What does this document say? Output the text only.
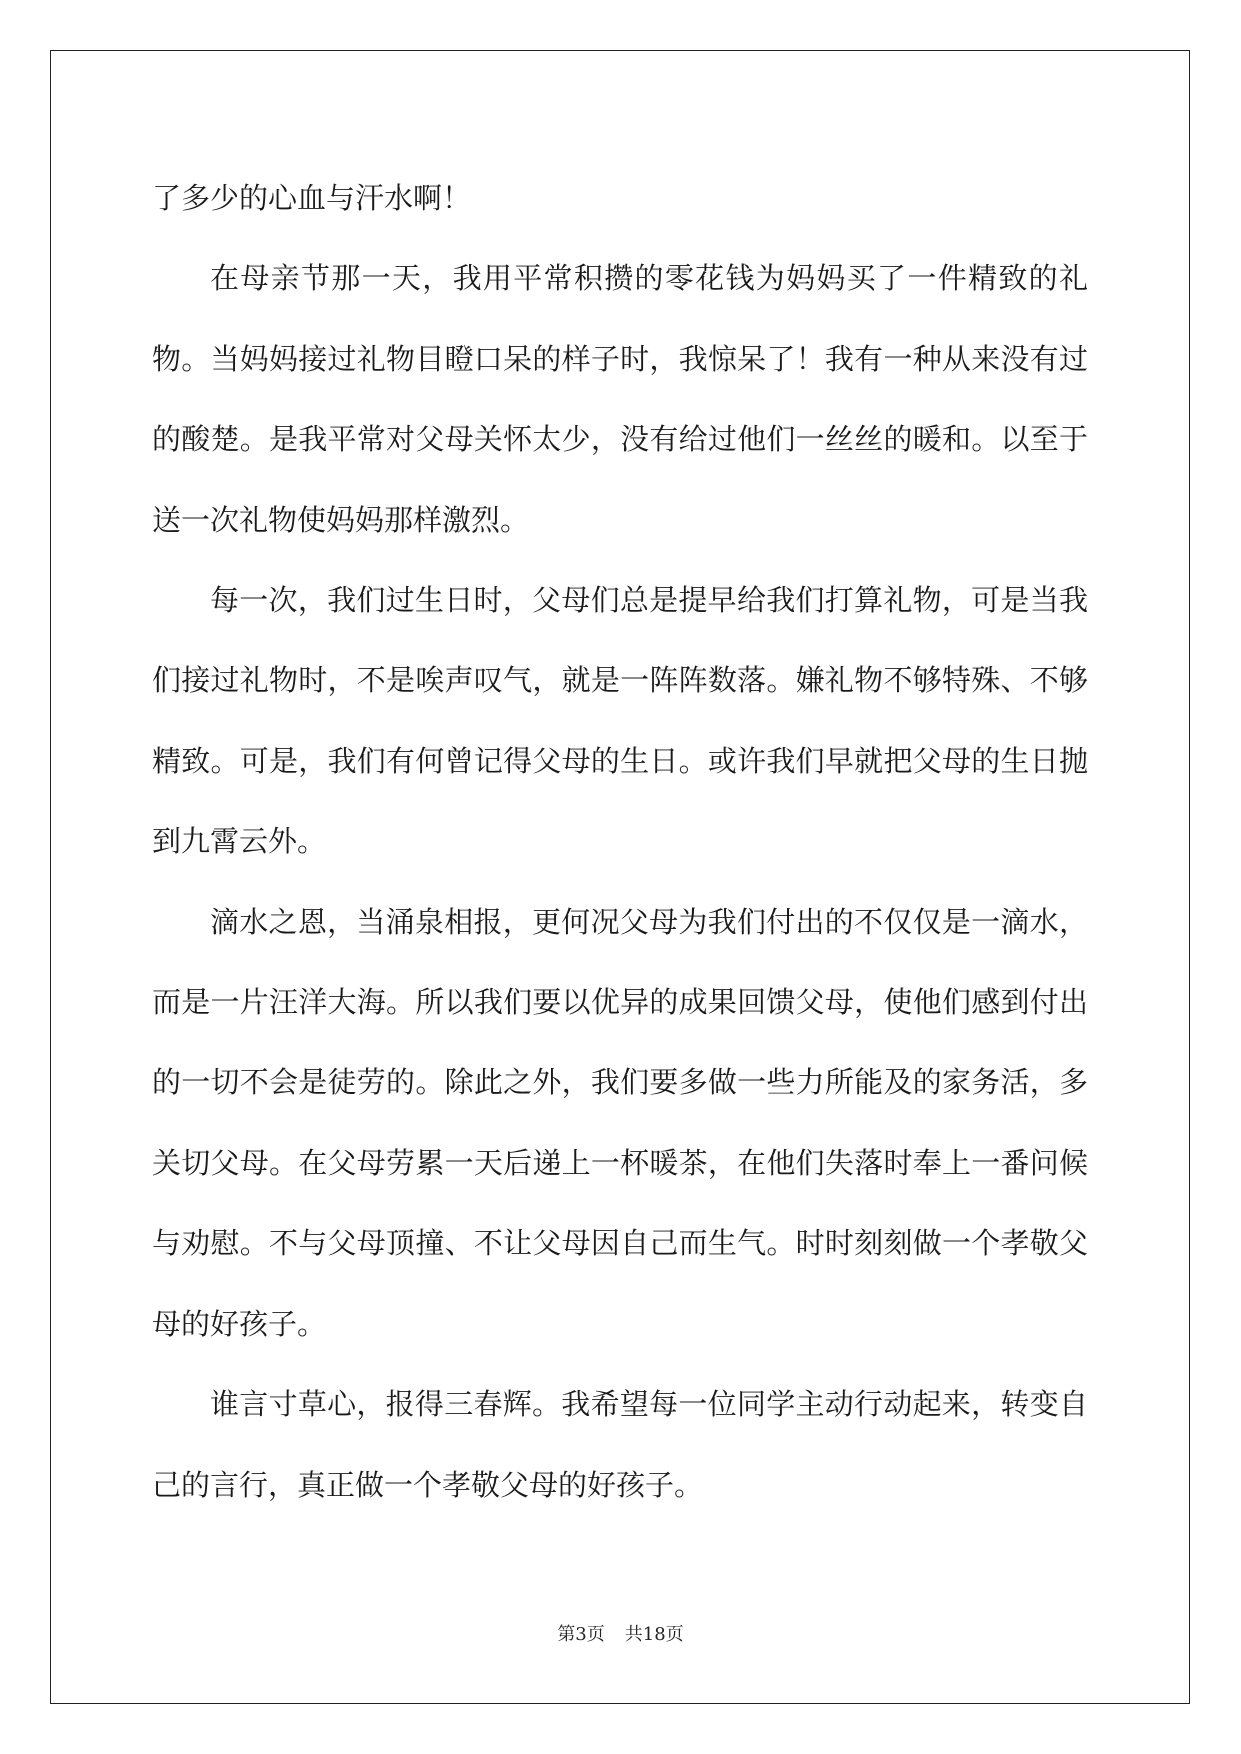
了多少的心血与汗水啊！

在母亲节那一天，我用平常积攒的零花钱为妈妈买了一件精致的礼物。当妈妈接过礼物目瞪口呆的样子时，我惊呆了！我有一种从来没有过的酸楚。是我平常对父母关怀太少，没有给过他们一丝丝的暖和。以至于送一次礼物使妈妈那样激烈。

每一次，我们过生日时，父母们总是提早给我们打算礼物，可是当我们接过礼物时，不是唉声叹气，就是一阵阵数落。嫌礼物不够特殊、不够精致。可是，我们有何曾记得父母的生日。或许我们早就把父母的生日抛到九霄云外。

滴水之恩，当涌泉相报，更何况父母为我们付出的不仅仅是一滴水，而是一片汪洋大海。所以我们要以优异的成果回馈父母，使他们感到付出的一切不会是徒劳的。除此之外，我们要多做一些力所能及的家务活，多关切父母。在父母劳累一天后递上一杯暖茶，在他们失落时奉上一番问候与劝慰。不与父母顶撞、不让父母因自己而生气。时时刻刻做一个孝敬父母的好孩子。

谁言寸草心，报得三春辉。我希望每一位同学主动行动起来，转变自己的言行，真正做一个孝敬父母的好孩子。

第3页 共18页
